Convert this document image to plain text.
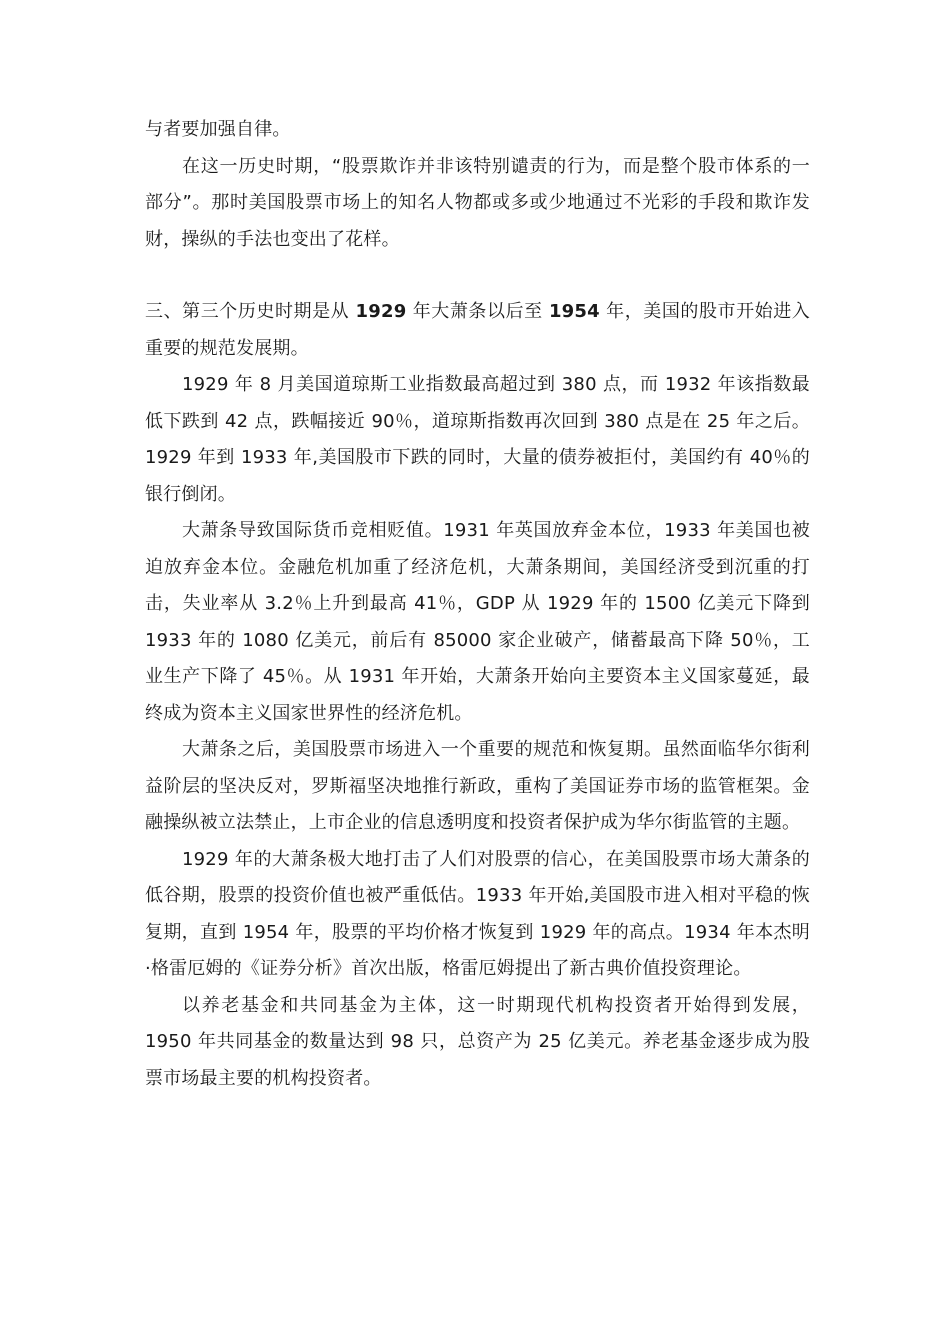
与者要加强自律。

在这一历史时期，“股票欺诈并非该特别谴责的行为，而是整个股市体系的一部分”。那时美国股票市场上的知名人物都或多或少地通过不光彩的手段和欺诈发财，操纵的手法也变出了花样。

三、第三个历史时期是从 1929 年大萧条以后至 1954 年，美国的股市开始进入重要的规范发展期。

1929 年 8 月美国道琼斯工业指数最高超过到 380 点，而 1932 年该指数最低下跌到 42 点，跌幅接近 90％，道琼斯指数再次回到 380 点是在 25 年之后。1929 年到 1933 年,美国股市下跌的同时，大量的债券被拒付，美国约有 40％的银行倒闭。

大萧条导致国际货币竞相贬值。1931 年英国放弃金本位，1933 年美国也被迫放弃金本位。金融危机加重了经济危机，大萧条期间，美国经济受到沉重的打击，失业率从 3.2％上升到最高 41％，GDP 从 1929 年的 1500 亿美元下降到 1933 年的 1080 亿美元，前后有 85000 家企业破产，储蓄最高下降 50％，工业生产下降了 45％。从 1931 年开始，大萧条开始向主要资本主义国家蔓延，最终成为资本主义国家世界性的经济危机。

大萧条之后，美国股票市场进入一个重要的规范和恢复期。虽然面临华尔街利益阶层的坚决反对，罗斯福坚决地推行新政，重构了美国证券市场的监管框架。金融操纵被立法禁止，上市企业的信息透明度和投资者保护成为华尔街监管的主题。

1929 年的大萧条极大地打击了人们对股票的信心，在美国股票市场大萧条的低谷期，股票的投资价值也被严重低估。1933 年开始,美国股市进入相对平稳的恢复期，直到 1954 年，股票的平均价格才恢复到 1929 年的高点。1934 年本杰明·格雷厄姆的《证券分析》首次出版，格雷厄姆提出了新古典价值投资理论。

以养老基金和共同基金为主体，这一时期现代机构投资者开始得到发展，1950 年共同基金的数量达到 98 只，总资产为 25 亿美元。养老基金逐步成为股票市场最主要的机构投资者。
